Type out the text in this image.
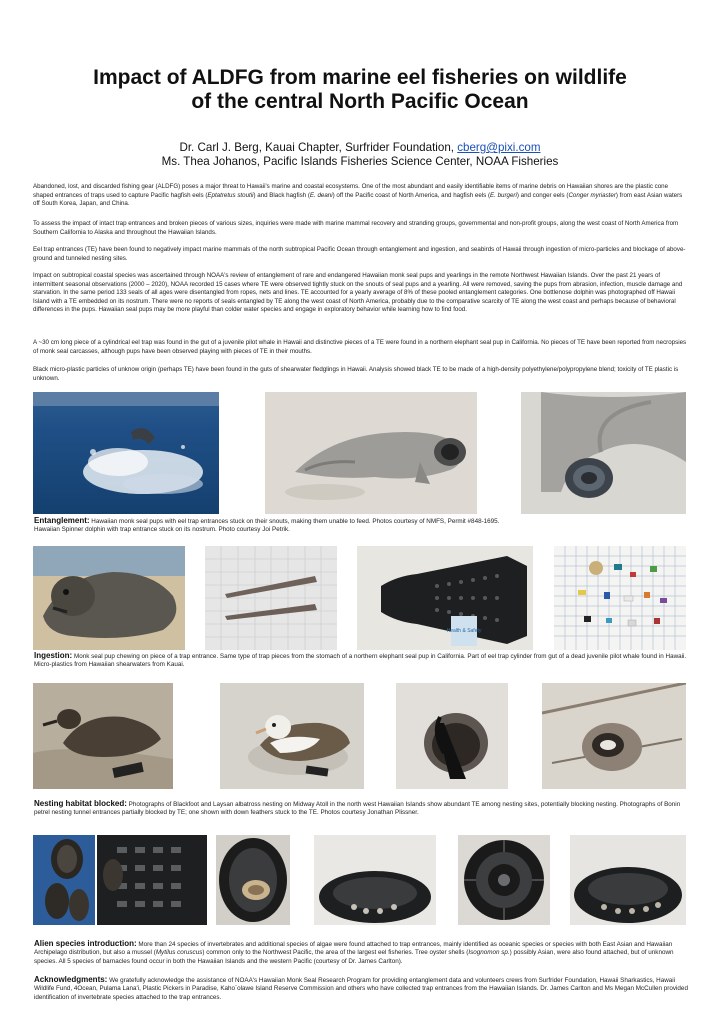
Impact of ALDFG from marine eel fisheries on wildlife
of the central North Pacific Ocean
Dr. Carl J. Berg, Kauai Chapter, Surfrider Foundation, cberg@pixi.com
Ms. Thea Johanos, Pacific Islands Fisheries Science Center, NOAA Fisheries
Abandoned, lost, and discarded fishing gear (ALDFG) poses a major threat to Hawaii's marine and coastal ecosystems. One of the most abundant and easily identifiable items of marine debris on Hawaiian shores are the plastic cone shaped entrances of traps used to capture Pacific hagfish eels (Eptatretus stoutii) and Black hagfish (E. deani) off the Pacific coast of North America, and hagfish eels (E. burgeri) and conger eels (Conger myriaster) from east Asian waters off South Korea, Japan, and China.
To assess the impact of intact trap entrances and broken pieces of various sizes, inquiries were made with marine mammal recovery and stranding groups, governmental and non-profit groups, along the west coast of North America from Southern California to Alaska and throughout the Hawaiian Islands.
Eel trap entrances (TE) have been found to negatively impact marine mammals of the north subtropical Pacific Ocean through entanglement and ingestion, and seabirds of Hawaii through ingestion of micro-particles and blockage of above-ground and tunneled nesting sites.
Impact on subtropical coastal species was ascertained through NOAA's review of entanglement of rare and endangered Hawaiian monk seal pups and yearlings in the remote Northwest Hawaiian Islands. Over the past 21 years of intermittent seasonal observations (2000 – 2020), NOAA recorded 15 cases where TE were observed tightly stuck on the snouts of seal pups and a yearling. All were removed, saving the pups from abrasion, infection, muscle damage and starvation. In the same period 133 seals of all ages were disentangled from ropes, nets and lines. TE accounted for a yearly average of 8% of these pooled entanglement categories. One bottlenose dolphin was photographed off Hawaii Island with a TE embedded on its nostrum. There were no reports of seals entangled by TE along the west coast of North America, probably due to the comparative scarcity of TE along the west coast and perhaps because of behavioral differences in the pups. Hawaiian seal pups may be more playful than colder water species and engage in exploratory behavior while learning how to find food.
A ~30 cm long piece of a cylindrical eel trap was found in the gut of a juvenile pilot whale in Hawaii and distinctive pieces of a TE were found in a northern elephant seal pup in California. No pieces of TE have been reported from necropsies of monk seal carcasses, although pups have been observed playing with pieces of TE in their mouths.
Black micro-plastic particles of unknow origin (perhaps TE) have been found in the guts of shearwater fledglings in Hawaii. Analysis showed black TE to be made of a high-density polyethylene/polypropylene blend; toxicity of TE plastic is unknown.
Entanglement: Hawaiian monk seal pups with eel trap entrances stuck on their snouts, making them unable to feed. Photos courtesy of NMFS, Permit #848-1695.
Hawaiian Spinner dolphin with trap entrance stuck on its nostrum. Photo courtesy Joi Petrik.
Health & Safety
Ingestion: Monk seal pup chewing on piece of a trap entrance. Same type of trap pieces from the stomach of a northern elephant seal pup in California. Part of eel trap cylinder from gut of a dead juvenile pilot whale found in Hawaii. Micro-plastics from Hawaiian shearwaters from Kauai.
Nesting habitat blocked: Photographs of Blackfoot and Laysan albatross nesting on Midway Atoll in the north west Hawaiian Islands show abundant TE among nesting sites, potentially blocking nesting. Photographs of Bonin petrel nesting tunnel entrances partially blocked by TE; one shown with down feathers stuck to the TE. Photos courtesy Jonathan Plissner.
Alien species introduction: More than 24 species of invertebrates and additional species of algae were found attached to trap entrances, mainly identified as oceanic species or species with both East Asian and Hawaiian Archipelago distribution, but also a mussel (Mytilus coruscus) common only to the Northwest Pacific, the area of the largest eel fisheries. Tree oyster shells (Isognomon sp.) possibly Asian, were also found attached, but of unknown species. All 5 species of barnacles found occur in both the Hawaiian Islands and the western Pacific (courtesy of Dr. James Carlton).
Acknowledgments: We gratefully acknowledge the assistance of NOAA's Hawaiian Monk Seal Research Program for providing entanglement data and volunteers crews from Surfrider Foundation, Hawaii Sharkastics, Hawaii Wildlife Fund, 4Ocean, Pulama Lana'i, Plastic Pickers in Paradise, Kaho`olawe Island Reserve Commission and others who have collected trap entrances from the Hawaiian Islands. Dr. James Carlton and Ms Megan McCullen provided identification of invertebrate species attached to the trap entrances.
